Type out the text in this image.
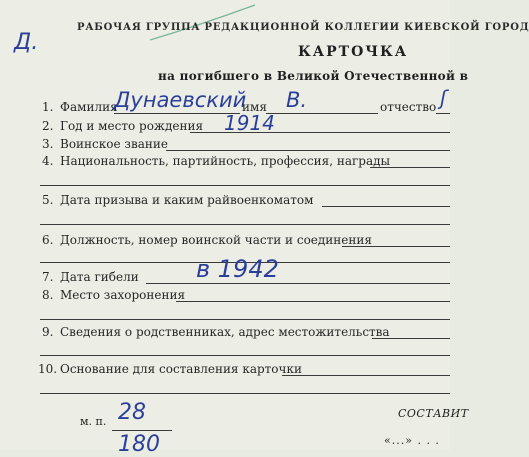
Д.
РАБОЧАЯ ГРУППА РЕДАКЦИОННОЙ КОЛЛЕГИИ КИЕВСКОЙ ГОРОД
КАРТОЧКА
на погибшего в Великой Отечественной в
1. Фамилия
Дунаевский
имя В.	отчество ʃ
2. Год и место рождения 1914
3. Воинское звание
4. Национальность, партийность, профессия, награды
5. Дата призыва и каким райвоенкоматом
6. Должность, номер воинской части и соединения
7. Дата гибели в 1942
8. Место захоронения
9. Сведения о родственниках, адрес местожительства
10. Основание для составления карточки
м. п. 28
180
СОСТАВИТ
«...» . . .
